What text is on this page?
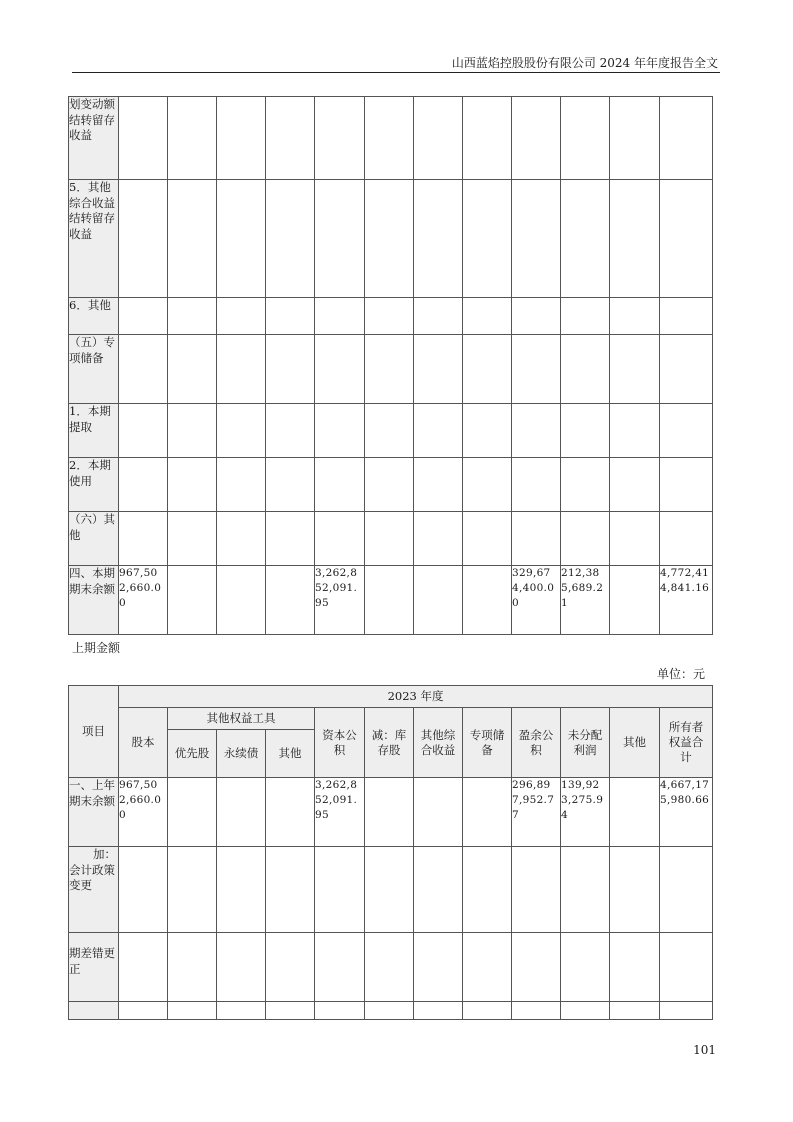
山西蓝焰控股股份有限公司 2024 年年度报告全文
划变动额结转留存收益												
5．其他综合收益结转留存收益												
6．其他												
（五）专项储备												
1．本期提取												
2．本期使用												
（六）其他												
四、本期期末余额	967,502,660.00				3,262,852,091.95				329,674,400.00	212,385,689.21		4,772,414,841.16
上期金额
单位：元
项目	2023 年度											
	股本	其他权益工具			资本公积	减：库存股	其他综合收益	专项储备	盈余公积	未分配利润	其他	所有者权益合计
		优先股	永续债	其他								
一、上年期末余额	967,502,660.00				3,262,852,091.95				296,897,952.77	139,923,275.94		4,667,175,980.66
加：会计政策变更												
期差错更正												

101
